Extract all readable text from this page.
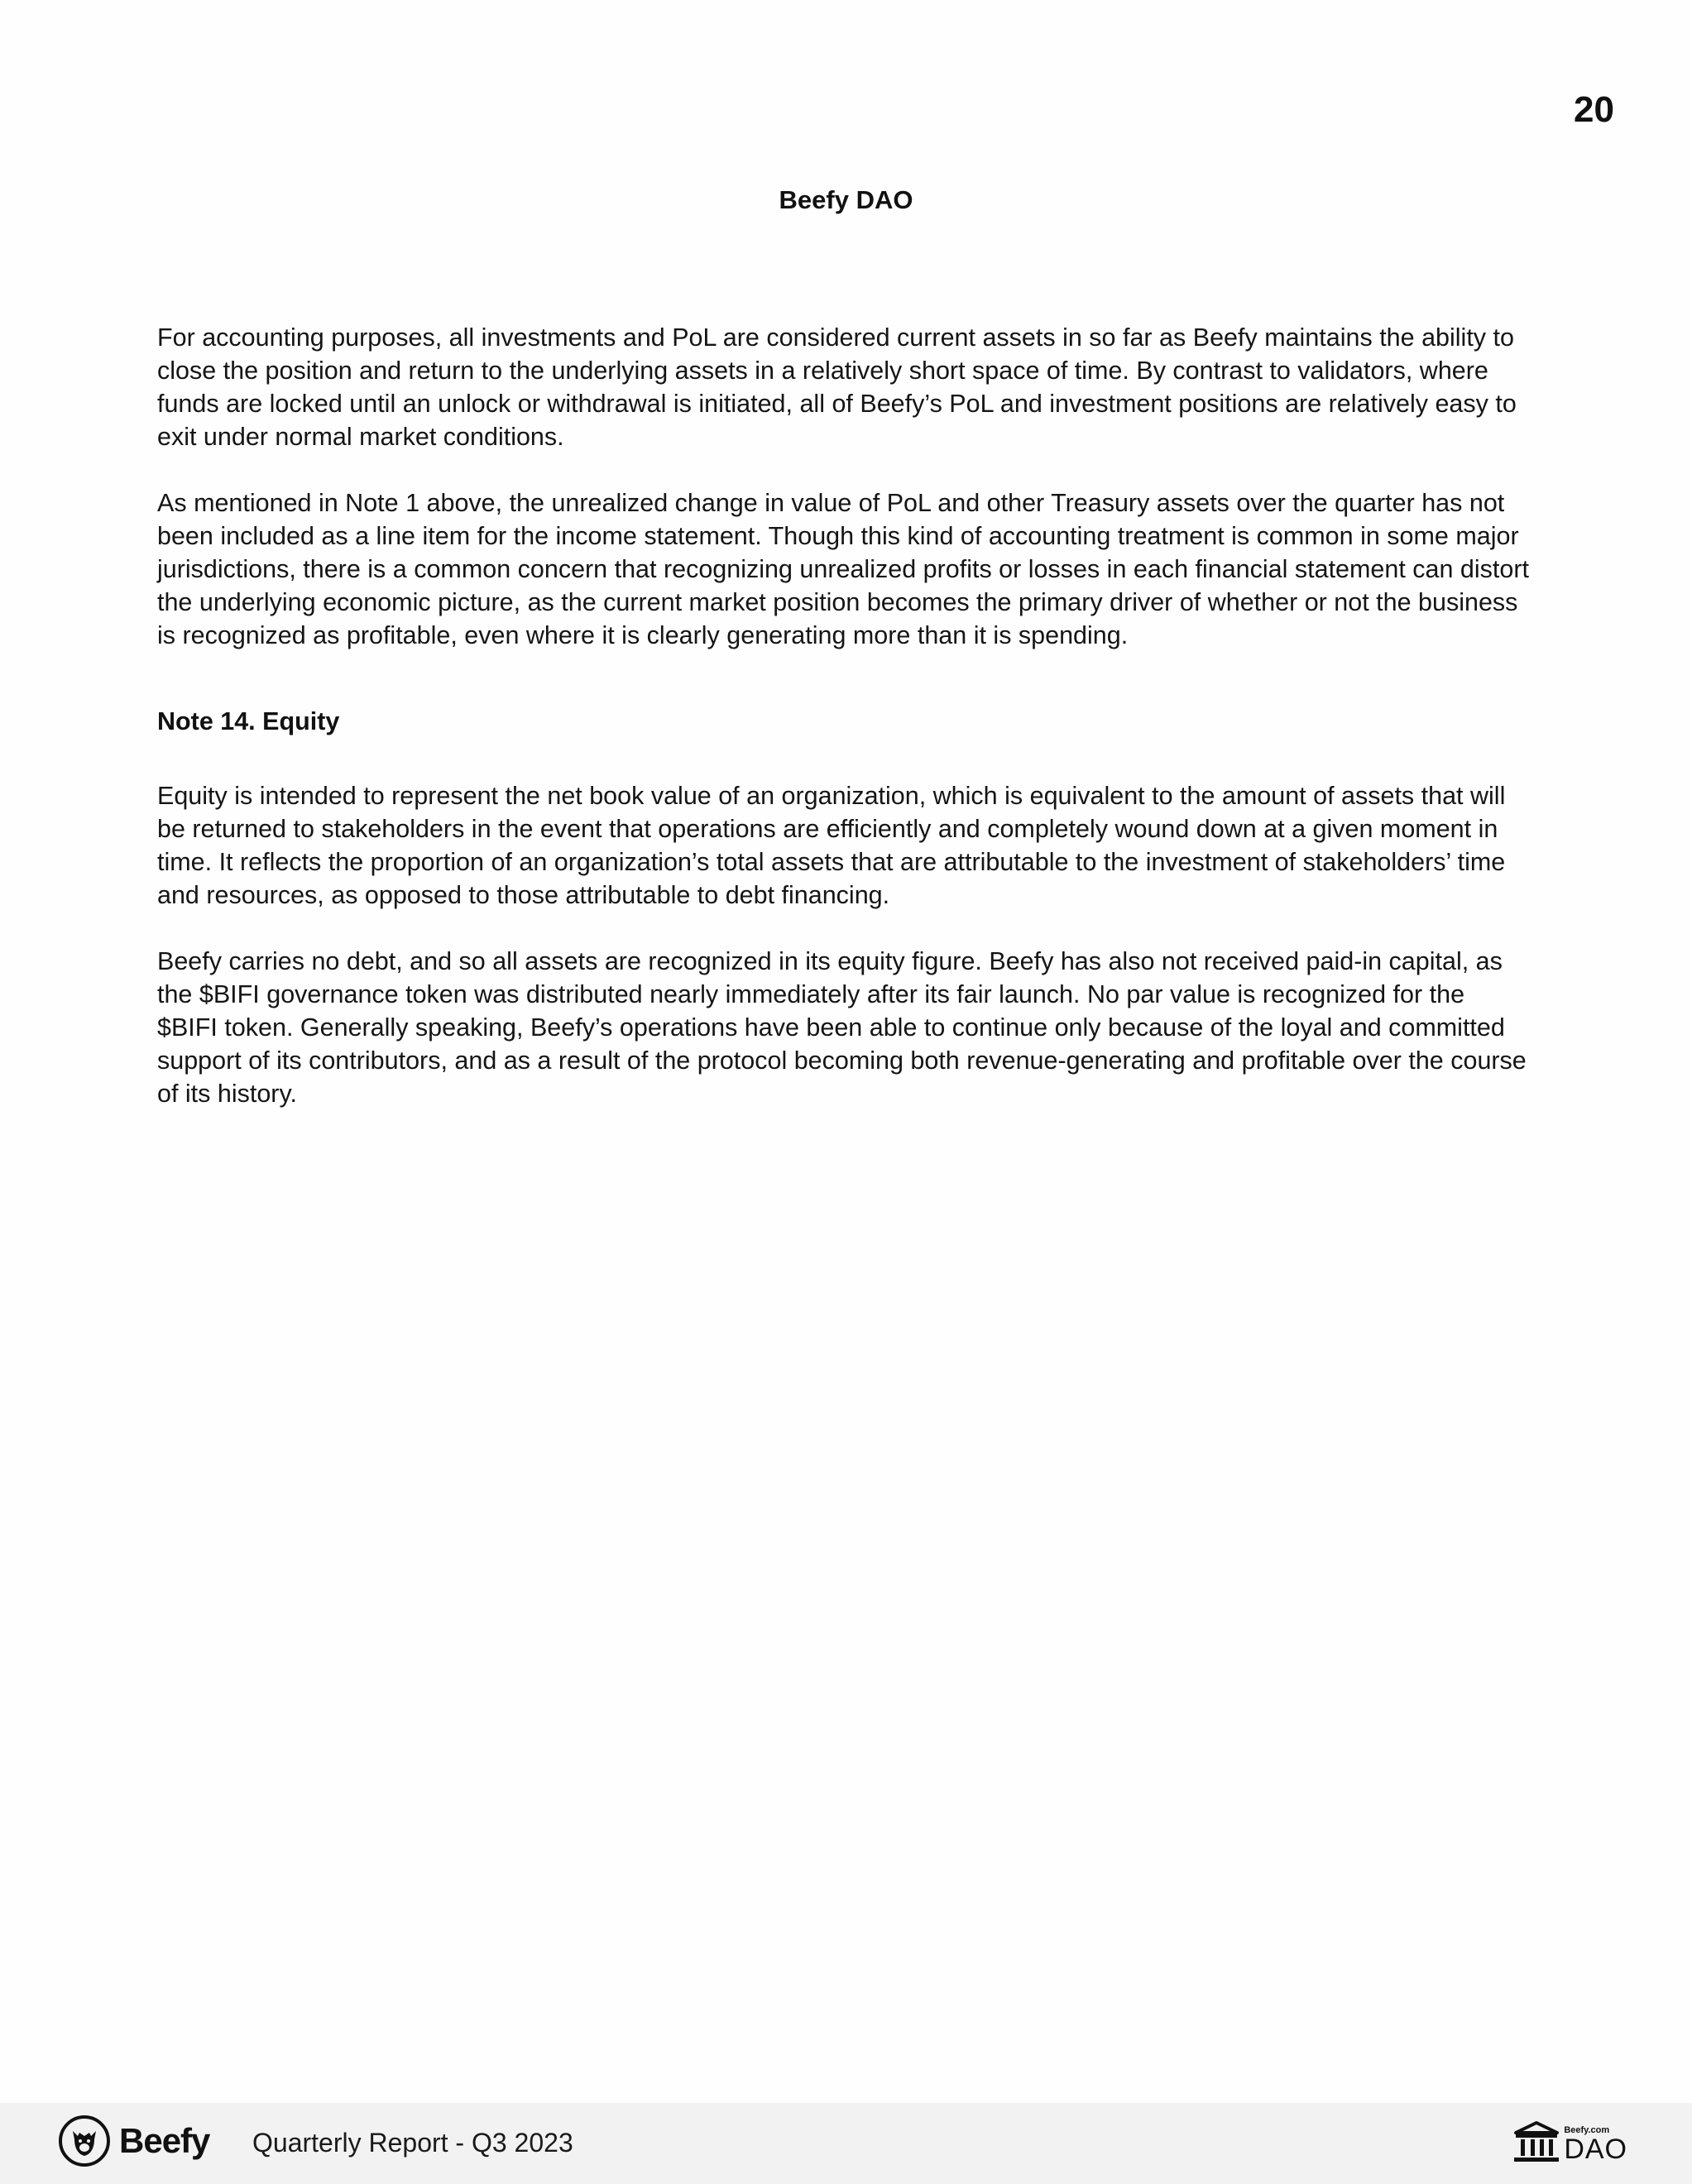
20
Beefy DAO

For accounting purposes, all investments and PoL are considered current assets in so far as Beefy maintains the ability to close the position and return to the underlying assets in a relatively short space of time. By contrast to validators, where funds are locked until an unlock or withdrawal is initiated, all of Beefy’s PoL and investment positions are relatively easy to exit under normal market conditions.

As mentioned in Note 1 above, the unrealized change in value of PoL and other Treasury assets over the quarter has not been included as a line item for the income statement. Though this kind of accounting treatment is common in some major jurisdictions, there is a common concern that recognizing unrealized profits or losses in each financial statement can distort the underlying economic picture, as the current market position becomes the primary driver of whether or not the business is recognized as profitable, even where it is clearly generating more than it is spending.

Note 14. Equity

Equity is intended to represent the net book value of an organization, which is equivalent to the amount of assets that will be returned to stakeholders in the event that operations are efficiently and completely wound down at a given moment in time. It reflects the proportion of an organization’s total assets that are attributable to the investment of stakeholders’ time and resources, as opposed to those attributable to debt financing.

Beefy carries no debt, and so all assets are recognized in its equity figure. Beefy has also not received paid-in capital, as the $BIFI governance token was distributed nearly immediately after its fair launch. No par value is recognized for the $BIFI token. Generally speaking, Beefy’s operations have been able to continue only because of the loyal and committed support of its contributors, and as a result of the protocol becoming both revenue-generating and profitable over the course of its history.

Beefy Quarterly Report - Q3 2023	Beefy.com
DAO
